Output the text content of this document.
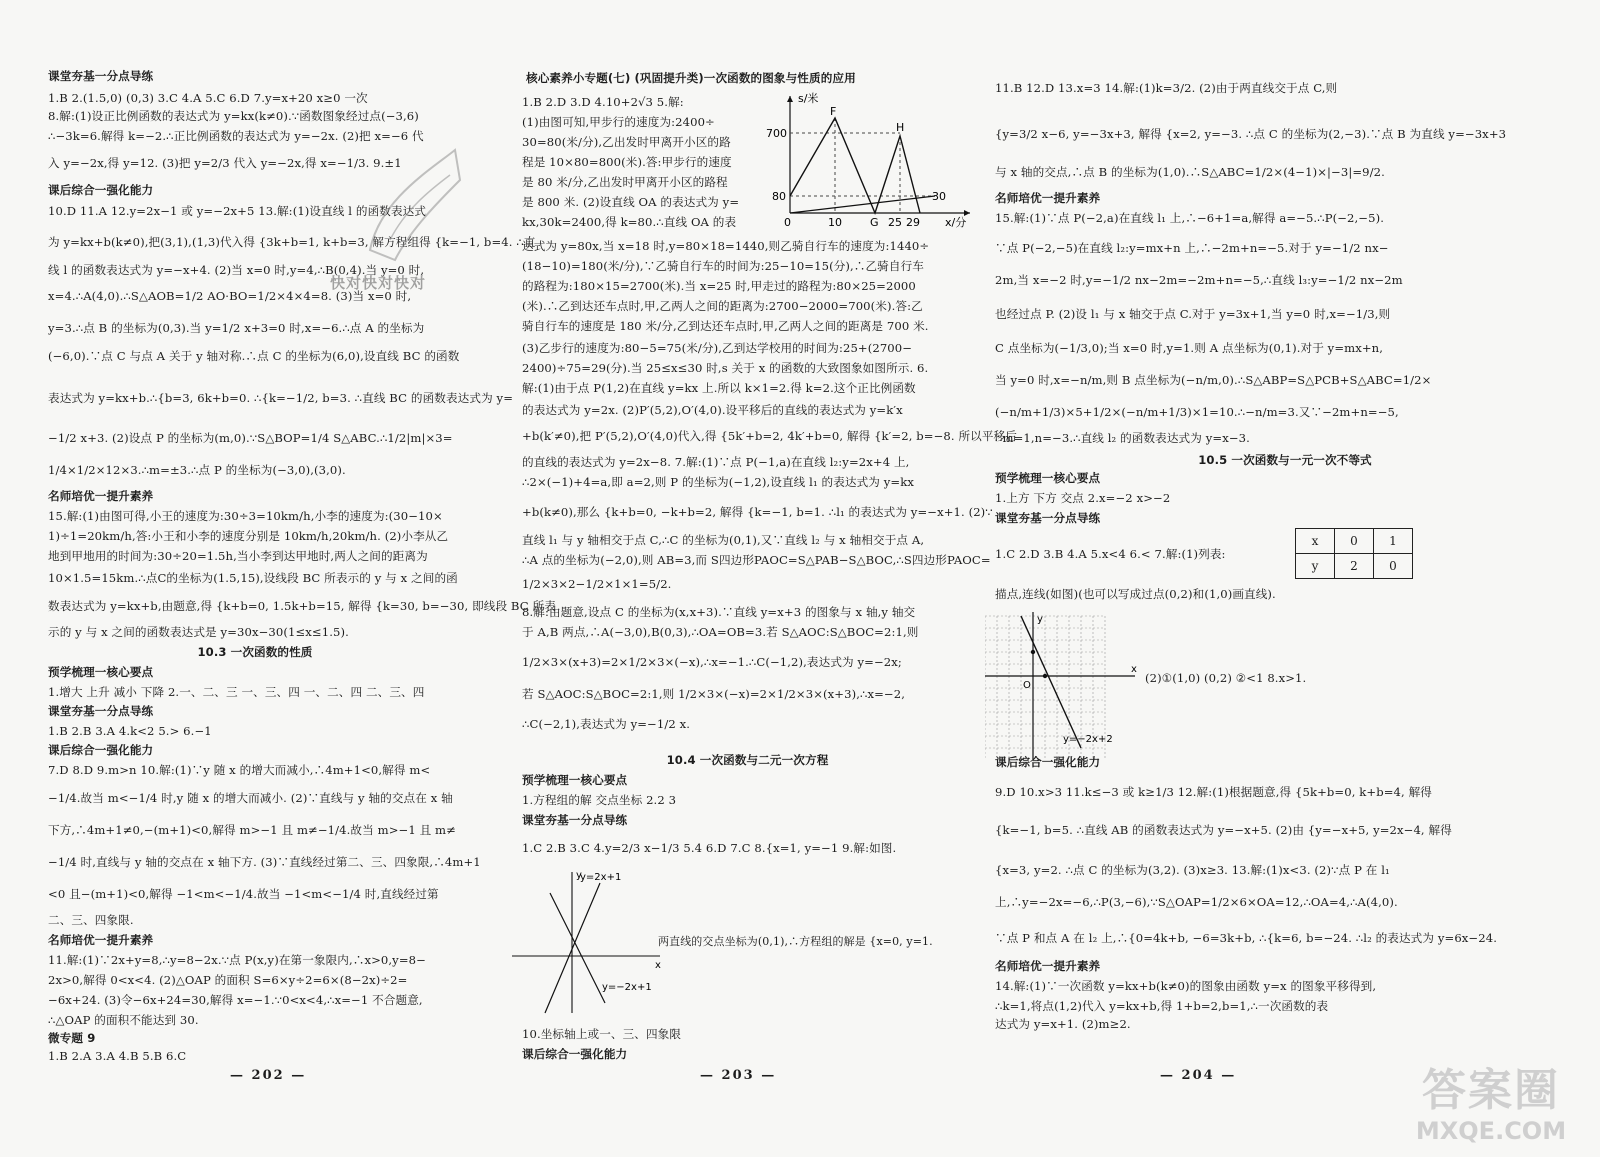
课堂夯基一分点导练
1.B 2.(1.5,0) (0,3) 3.C 4.A 5.C 6.D 7.y=x+20 x≥0 一次
8.解:(1)设正比例函数的表达式为 y=kx(k≠0).∵函数图象经过点(−3,6)
∴−3k=6.解得 k=−2.∴正比例函数的表达式为 y=−2x. (2)把 x=−6 代
入 y=−2x,得 y=12. (3)把 y=2/3 代入 y=−2x,得 x=−1/3. 9.±1
课后综合一强化能力
10.D 11.A 12.y=2x−1 或 y=−2x+5 13.解:(1)设直线 l 的函数表达式
为 y=kx+b(k≠0),把(3,1),(1,3)代入得 {3k+b=1, k+b=3, 解方程组得 {k=−1, b=4. ∴直
线 l 的函数表达式为 y=−x+4. (2)当 x=0 时,y=4,∴B(0,4).当 y=0 时,
x=4.∴A(4,0).∴S△AOB=1/2 AO·BO=1/2×4×4=8. (3)当 x=0 时,
y=3.∴点 B 的坐标为(0,3).当 y=1/2 x+3=0 时,x=−6.∴点 A 的坐标为
(−6,0).∵点 C 与点 A 关于 y 轴对称.∴点 C 的坐标为(6,0),设直线 BC 的函数
表达式为 y=kx+b.∴{b=3, 6k+b=0. ∴{k=−1/2, b=3. ∴直线 BC 的函数表达式为 y=
−1/2 x+3. (2)设点 P 的坐标为(m,0).∵S△BOP=1/4 S△ABC.∴1/2|m|×3=
1/4×1/2×12×3.∴m=±3.∴点 P 的坐标为(−3,0),(3,0).
名师培优一提升素养
15.解:(1)由图可得,小王的速度为:30÷3=10km/h,小李的速度为:(30−10×
1)÷1=20km/h,答:小王和小李的速度分别是 10km/h,20km/h. (2)小李从乙
地到甲地用的时间为:30÷20=1.5h,当小李到达甲地时,两人之间的距离为
10×1.5=15km.∴点C的坐标为(1.5,15),设线段 BC 所表示的 y 与 x 之间的函
数表达式为 y=kx+b,由题意,得 {k+b=0, 1.5k+b=15, 解得 {k=30, b=−30, 即线段 BC 所表
示的 y 与 x 之间的函数表达式是 y=30x−30(1≤x≤1.5).
10.3 一次函数的性质
预学梳理一核心要点
1.增大 上升 减小 下降 2.一、二、三 一、三、四 一、二、四 二、三、四
课堂夯基一分点导练
1.B 2.B 3.A 4.k<2 5.> 6.−1
课后综合一强化能力
7.D 8.D 9.m>n 10.解:(1)∵y 随 x 的增大而减小,∴4m+1<0,解得 m<
−1/4.故当 m<−1/4 时,y 随 x 的增大而减小. (2)∵直线与 y 轴的交点在 x 轴
下方,∴4m+1≠0,−(m+1)<0,解得 m>−1 且 m≠−1/4.故当 m>−1 且 m≠
−1/4 时,直线与 y 轴的交点在 x 轴下方. (3)∵直线经过第二、三、四象限,∴4m+1
<0 且−(m+1)<0,解得 −1<m<−1/4.故当 −1<m<−1/4 时,直线经过第
二、三、四象限.
名师培优一提升素养
11.解:(1)∵2x+y=8,∴y=8−2x.∵点 P(x,y)在第一象限内,∴x>0,y=8−
2x>0,解得 0<x<4. (2)△OAP 的面积 S=6×y÷2=6×(8−2x)÷2=
−6x+24. (3)令−6x+24=30,解得 x=−1.∵0<x<4,∴x=−1 不合题意,
∴△OAP 的面积不能达到 30.
微专题 9
1.B 2.A 3.A 4.B 5.B 6.C
快对快对快对
— 202 —
核心素养小专题(七) (巩固提升类)一次函数的图象与性质的应用
1.B 2.D 3.D 4.10+2√3 5.解:
(1)由图可知,甲步行的速度为:2400÷
30=80(米/分),乙出发时甲离开小区的路
程是 10×80=800(米).答:甲步行的速度
是 80 米/分,乙出发时甲离开小区的路程
是 800 米. (2)设直线 OA 的表达式为 y=
kx,30k=2400,得 k=80.∴直线 OA 的表
达式为 y=80x,当 x=18 时,y=80×18=1440,则乙骑自行车的速度为:1440÷
(18−10)=180(米/分),∵乙骑自行车的时间为:25−10=15(分),∴乙骑自行车
的路程为:180×15=2700(米).当 x=25 时,甲走过的路程为:80×25=2000
(米).∴乙到达还车点时,甲,乙两人之间的距离为:2700−2000=700(米).答:乙
骑自行车的速度是 180 米/分,乙到达还车点时,甲,乙两人之间的距离是 700 米.
(3)乙步行的速度为:80−5=75(米/分),乙到达学校用的时间为:25+(2700−
2400)÷75=29(分).当 25≤x≤30 时,s 关于 x 的函数的大致图象如图所示. 6.
解:(1)由于点 P(1,2)在直线 y=kx 上.所以 k×1=2.得 k=2.这个正比例函数
的表达式为 y=2x. (2)P′(5,2),O′(4,0).设平移后的直线的表达式为 y=k′x
+b(k′≠0),把 P′(5,2),O′(4,0)代入,得 {5k′+b=2, 4k′+b=0, 解得 {k′=2, b=−8. 所以平移后
的直线的表达式为 y=2x−8. 7.解:(1)∵点 P(−1,a)在直线 l₂:y=2x+4 上,
∴2×(−1)+4=a,即 a=2,则 P 的坐标为(−1,2),设直线 l₁ 的表达式为 y=kx
+b(k≠0),那么 {k+b=0, −k+b=2, 解得 {k=−1, b=1. ∴l₁ 的表达式为 y=−x+1. (2)∵
直线 l₁ 与 y 轴相交于点 C,∴C 的坐标为(0,1),又∵直线 l₂ 与 x 轴相交于点 A,
∴A 点的坐标为(−2,0),则 AB=3,而 S四边形PAOC=S△PAB−S△BOC,∴S四边形PAOC=
1/2×3×2−1/2×1×1=5/2.
8.解:由题意,设点 C 的坐标为(x,x+3).∵直线 y=x+3 的图象与 x 轴,y 轴交
于 A,B 两点,∴A(−3,0),B(0,3),∴OA=OB=3.若 S△AOC:S△BOC=2:1,则
1/2×3×(x+3)=2×1/2×3×(−x),∴x=−1.∴C(−1,2),表达式为 y=−2x;
若 S△AOC:S△BOC=2:1,则 1/2×3×(−x)=2×1/2×3×(x+3),∴x=−2,
∴C(−2,1),表达式为 y=−1/2 x.
10.4 一次函数与二元一次方程
预学梳理一核心要点
1.方程组的解 交点坐标 2.2 3
课堂夯基一分点导练
1.C 2.B 3.C 4.y=2/3 x−1/3 5.4 6.D 7.C 8.{x=1, y=−1 9.解:如图.
10.坐标轴上或一、三、四象限
课后综合一强化能力
s/米
x/分
700
80
0	10	G 25 29
30
F
H
y=2x+1
y=−2x+1
x
y
两直线的交点坐标为(0,1),∴方程组的解是 {x=0, y=1.
— 203 —
11.B 12.D 13.x=3 14.解:(1)k=3/2. (2)由于两直线交于点 C,则
{y=3/2 x−6, y=−3x+3, 解得 {x=2, y=−3. ∴点 C 的坐标为(2,−3).∵点 B 为直线 y=−3x+3
与 x 轴的交点,∴点 B 的坐标为(1,0).∴S△ABC=1/2×(4−1)×|−3|=9/2.
名师培优一提升素养
15.解:(1)∵点 P(−2,a)在直线 l₁ 上,∴−6+1=a,解得 a=−5.∴P(−2,−5).
∵点 P(−2,−5)在直线 l₂:y=mx+n 上,∴−2m+n=−5.对于 y=−1/2 nx−
2m,当 x=−2 时,y=−1/2 nx−2m=−2m+n=−5,∴直线 l₃:y=−1/2 nx−2m
也经过点 P. (2)设 l₁ 与 x 轴交于点 C.对于 y=3x+1,当 y=0 时,x=−1/3,则
C 点坐标为(−1/3,0);当 x=0 时,y=1.则 A 点坐标为(0,1).对于 y=mx+n,
当 y=0 时,x=−n/m,则 B 点坐标为(−n/m,0).∴S△ABP=S△PCB+S△ABC=1/2×
(−n/m+1/3)×5+1/2×(−n/m+1/3)×1=10.∴−n/m=3.又∵−2m+n=−5,
∴m=1,n=−3.∴直线 l₂ 的函数表达式为 y=x−3.
10.5 一次函数与一元一次不等式
预学梳理一核心要点
1.上方 下方 交点 2.x=−2 x>−2
课堂夯基一分点导练
1.C 2.D 3.B 4.A 5.x<4 6.< 7.解:(1)列表:
描点,连线(如图)(也可以写成过点(0,2)和(1,0)画直线).
(2)①(1,0) (0,2) ②<1 8.x>1.
课后综合一强化能力
9.D 10.x>3 11.k≤−3 或 k≥1/3 12.解:(1)根据题意,得 {5k+b=0, k+b=4, 解得
{k=−1, b=5. ∴直线 AB 的函数表达式为 y=−x+5. (2)由 {y=−x+5, y=2x−4, 解得
{x=3, y=2. ∴点 C 的坐标为(3,2). (3)x≥3. 13.解:(1)x<3. (2)∵点 P 在 l₁
上,∴y=−2x=−6,∴P(3,−6),∵S△OAP=1/2×6×OA=12,∴OA=4,∴A(4,0).
∵点 P 和点 A 在 l₂ 上,∴{0=4k+b, −6=3k+b, ∴{k=6, b=−24. ∴l₂ 的表达式为 y=6x−24.
名师培优一提升素养
14.解:(1)∵一次函数 y=kx+b(k≠0)的图象由函数 y=x 的图象平移得到,
∴k=1,将点(1,2)代入 y=kx+b,得 1+b=2,b=1,∴一次函数的表
达式为 y=x+1. (2)m≥2.
x	0	1
y	2	0
x
y
O
y=−2x+2
— 204 —	答案圈
MXQE.COM
